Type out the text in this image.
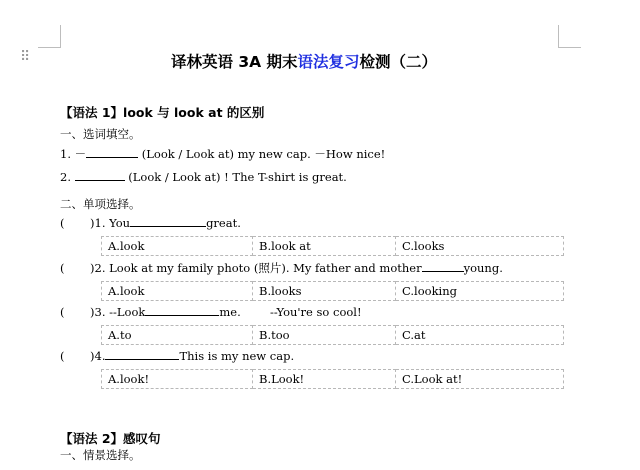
⠿	译林英语 3A 期末语法复习检测（二）
【语法 1】look 与 look at 的区别
一、选词填空。
1. －	(Look / Look at) my new cap. －How nice!
2.	(Look / Look at) ! The T-shirt is great.
二、单项选择。
( )1. You	great.
A.look	B.look at	C.looks
( )2. Look at my family photo (照片). My father and mother	young.
A.look	B.looks	C.looking
( )3. --Look	me.        --You're so cool!
A.to	B.too	C.at
( )4.	This is my new cap.
A.look!	B.Look!	C.Look at!
【语法 2】感叹句
一、情景选择。
